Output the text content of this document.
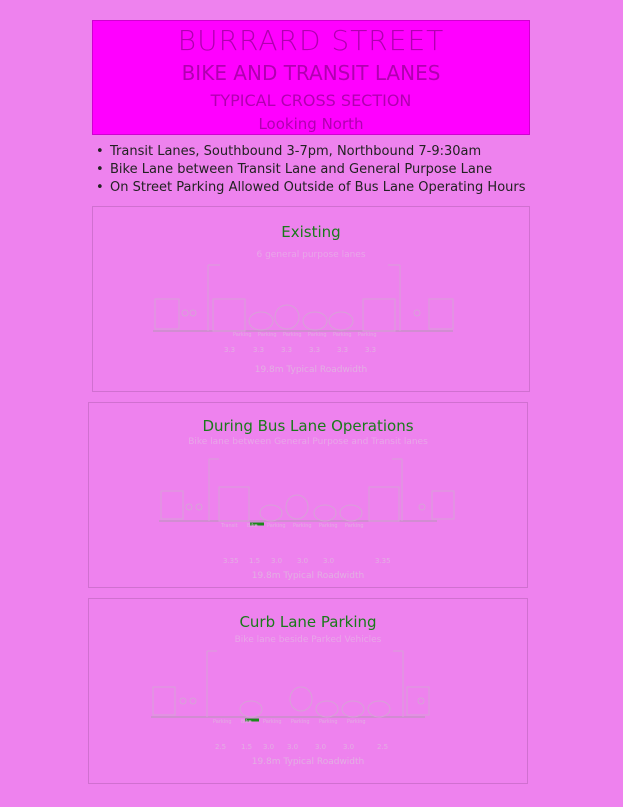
BURRARD STREET
BIKE AND TRANSIT LANES
TYPICAL CROSS SECTION
Looking North
• Transit Lanes, Southbound 3-7pm, Northbound 7-9:30am
• Bike Lane between Transit Lane and General Purpose Lane
• On Street Parking Allowed Outside of Bus Lane Operating Hours
Existing
6 general purpose lanes
Parking Parking Parking Parking Parking Parking
3.3	3.3 3.3 3.3 3.3 3.3
19.8m Typical Roadwidth
During Bus Lane Operations
Bike lane between General Purpose and Transit lanes
Transit Bike Parking Parking Parking Parking
3.35 1.5 3.0 3.0 3.0	3.35
19.8m Typical Roadwidth
Curb Lane Parking
Bike lane beside Parked Vehicles
Parking Bike Parking Parking Parking Parking
2.5 1.5 3.0 3.0 3.0 3.0	2.5
19.8m Typical Roadwidth
